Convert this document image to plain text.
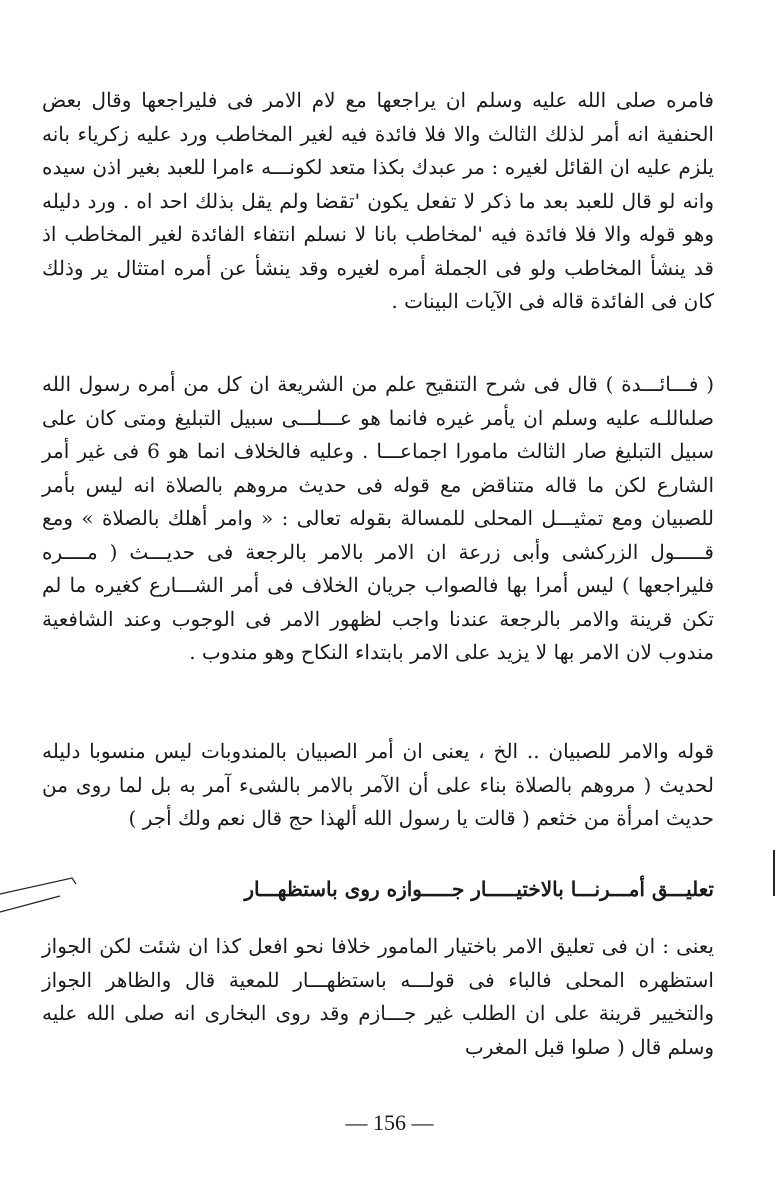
فامره صلى الله عليه وسلم ان يراجعها مع لام الامر فى فليراجعها وقال بعض الحنفية انه أمر لذلك الثالث والا فلا فائدة فيه لغير المخاطب ورد عليه زكرياء بانه يلزم عليه ان القائل لغيره : مر عبدك بكذا متعد لكونـــه ءامرا للعبد بغير اذن سيده وانه لو قال للعبد بعد ما ذكر لا تفعل يكون 'تقضا ولم يقل بذلك احد اه . ورد دليله وهو قوله والا فلا فائدة فيه 'لمخاطب بانا لا نسلم انتفاء الفائدة لغير المخاطب اذ قد ينشأ المخاطب ولو فى الجملة أمره لغيره وقد ينشأ عن أمره امتثال ير وذلك كان فى الفائدة قاله فى الآيات البينات .

( فـــائـــدة ) قال فى شرح التنقيح علم من الشريعة ان كل من أمره رسول الله صلىاللـه عليه وسلم ان يأمر غيره فانما هو عـــلـــى سبيل التبليغ ومتى كان على سبيل التبليغ صار الثالث مامورا اجماعـــا . وعليه فالخلاف انما هو 6 فى غير أمر الشارع لكن ما قاله متناقض مع قوله فى حديث مروهم بالصلاة انه ليس بأمر للصبيان ومع تمثيـــل المحلى للمسالة بقوله تعالى : « وامر أهلك بالصلاة » ومع قـــــول الزركشى وأبى زرعة ان الامر بالامر بالرجعة فى حديـــث ( مــــره فليراجعها ) ليس أمرا بها فالصواب جريان الخلاف فى أمر الشـــارع كغيره ما لم تكن قرينة والامر بالرجعة عندنا واجب لظهور الامر فى الوجوب وعند الشافعية مندوب لان الامر بها لا يزيد على الامر بابتداء النكاح وهو مندوب .

قوله والامر للصبيان .. الخ ، يعنى ان أمر الصبيان بالمندوبات ليس منسوبا دليله لحديث ( مروهم بالصلاة بناء على أن الآمر بالامر بالشىء آمر به بل لما روى من حديث امرأة من خثعم ( قالت يا رسول الله ألهذا حج قال نعم ولك أجر )

تعليـــق أمـــرنـــا بالاختيـــــار جـــــوازه روى باستظهـــار

يعنى : ان فى تعليق الامر باختيار المامور خلافا نحو افعل كذا ان شئت لكن الجواز استظهره المحلى فالباء فى قولـــه باستظهـــار للمعية قال والظاهر الجواز والتخيير قرينة على ان الطلب غير جـــازم وقد روى البخارى انه صلى الله عليه وسلم قال ( صلوا قبل المغرب

— 156 —
